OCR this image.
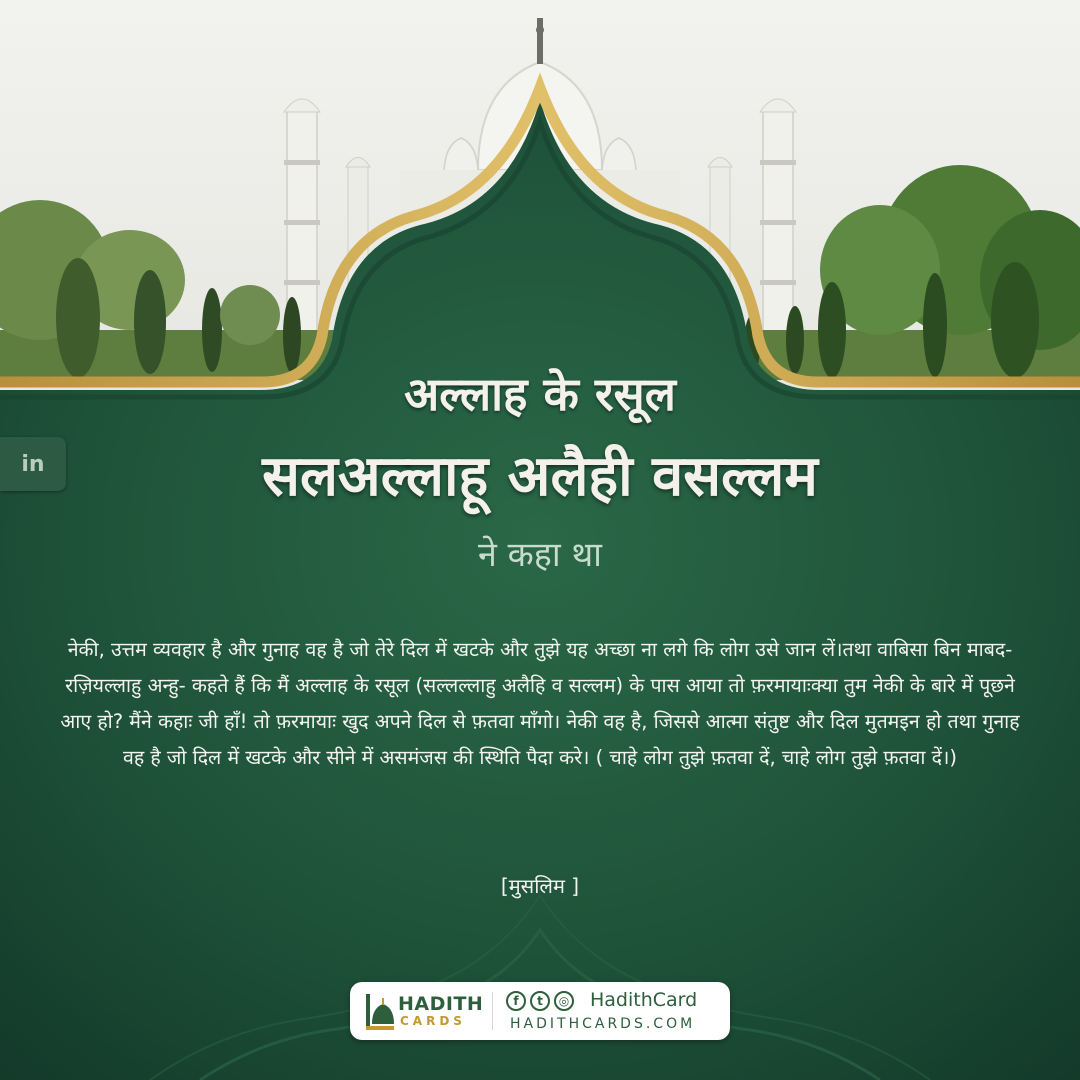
in
अल्लाह के रसूल
सलअल्लाहू अलैही वसल्लम
ने कहा था
नेकी, उत्तम व्यवहार है और गुनाह वह है जो तेरे दिल में खटके और तुझे यह अच्छा ना लगे कि लोग उसे जान लें।तथा वाबिसा बिन माबद- रज़ियल्लाहु अन्हु- कहते हैं कि मैं अल्लाह के रसूल (सल्लल्लाहु अलैहि व सल्लम) के पास आया तो फ़रमायाःक्या तुम नेकी के बारे में पूछने आए हो? मैंने कहाः जी हाँ! तो फ़रमायाः खुद अपने दिल से फ़तवा माँगो। नेकी वह है, जिससे आत्मा संतुष्ट और दिल मुतमइन हो तथा गुनाह वह है जो दिल में खटके और सीने में असमंजस की स्थिति पैदा करे। ( चाहे लोग तुझे फ़तवा दें, चाहे लोग तुझे फ़तवा दें।)
[मुसलिम ]
HADITH
CARDS
f	t	◎ HadithCard
HADITHCARDS.COM
